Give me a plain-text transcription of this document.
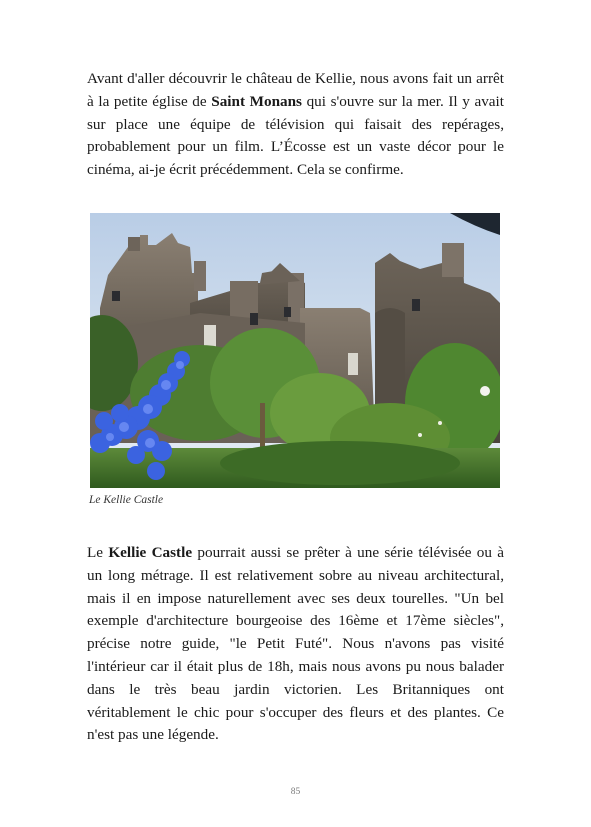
Avant d'aller découvrir le château de Kellie, nous avons fait un arrêt à la petite église de Saint Monans qui s'ouvre sur la mer. Il y avait sur place une équipe de télévision qui faisait des repérages, probablement pour un film. L’Écosse est un vaste décor pour le cinéma, ai-je écrit précédemment. Cela se confirme.

Le Kellie Castle

Le Kellie Castle pourrait aussi se prêter à une série télévisée ou à un long métrage. Il est relativement sobre au niveau architectural, mais il en impose naturellement avec ses deux tourelles. "Un bel exemple d'architecture bourgeoise des 16ème et 17ème siècles", précise notre guide, "le Petit Futé". Nous n'avons pas visité l'intérieur car il était plus de 18h, mais nous avons pu nous balader dans le très beau jardin victorien. Les Britanniques ont véritablement le chic pour s'occuper des fleurs et des plantes. Ce n'est pas une légende.

85
